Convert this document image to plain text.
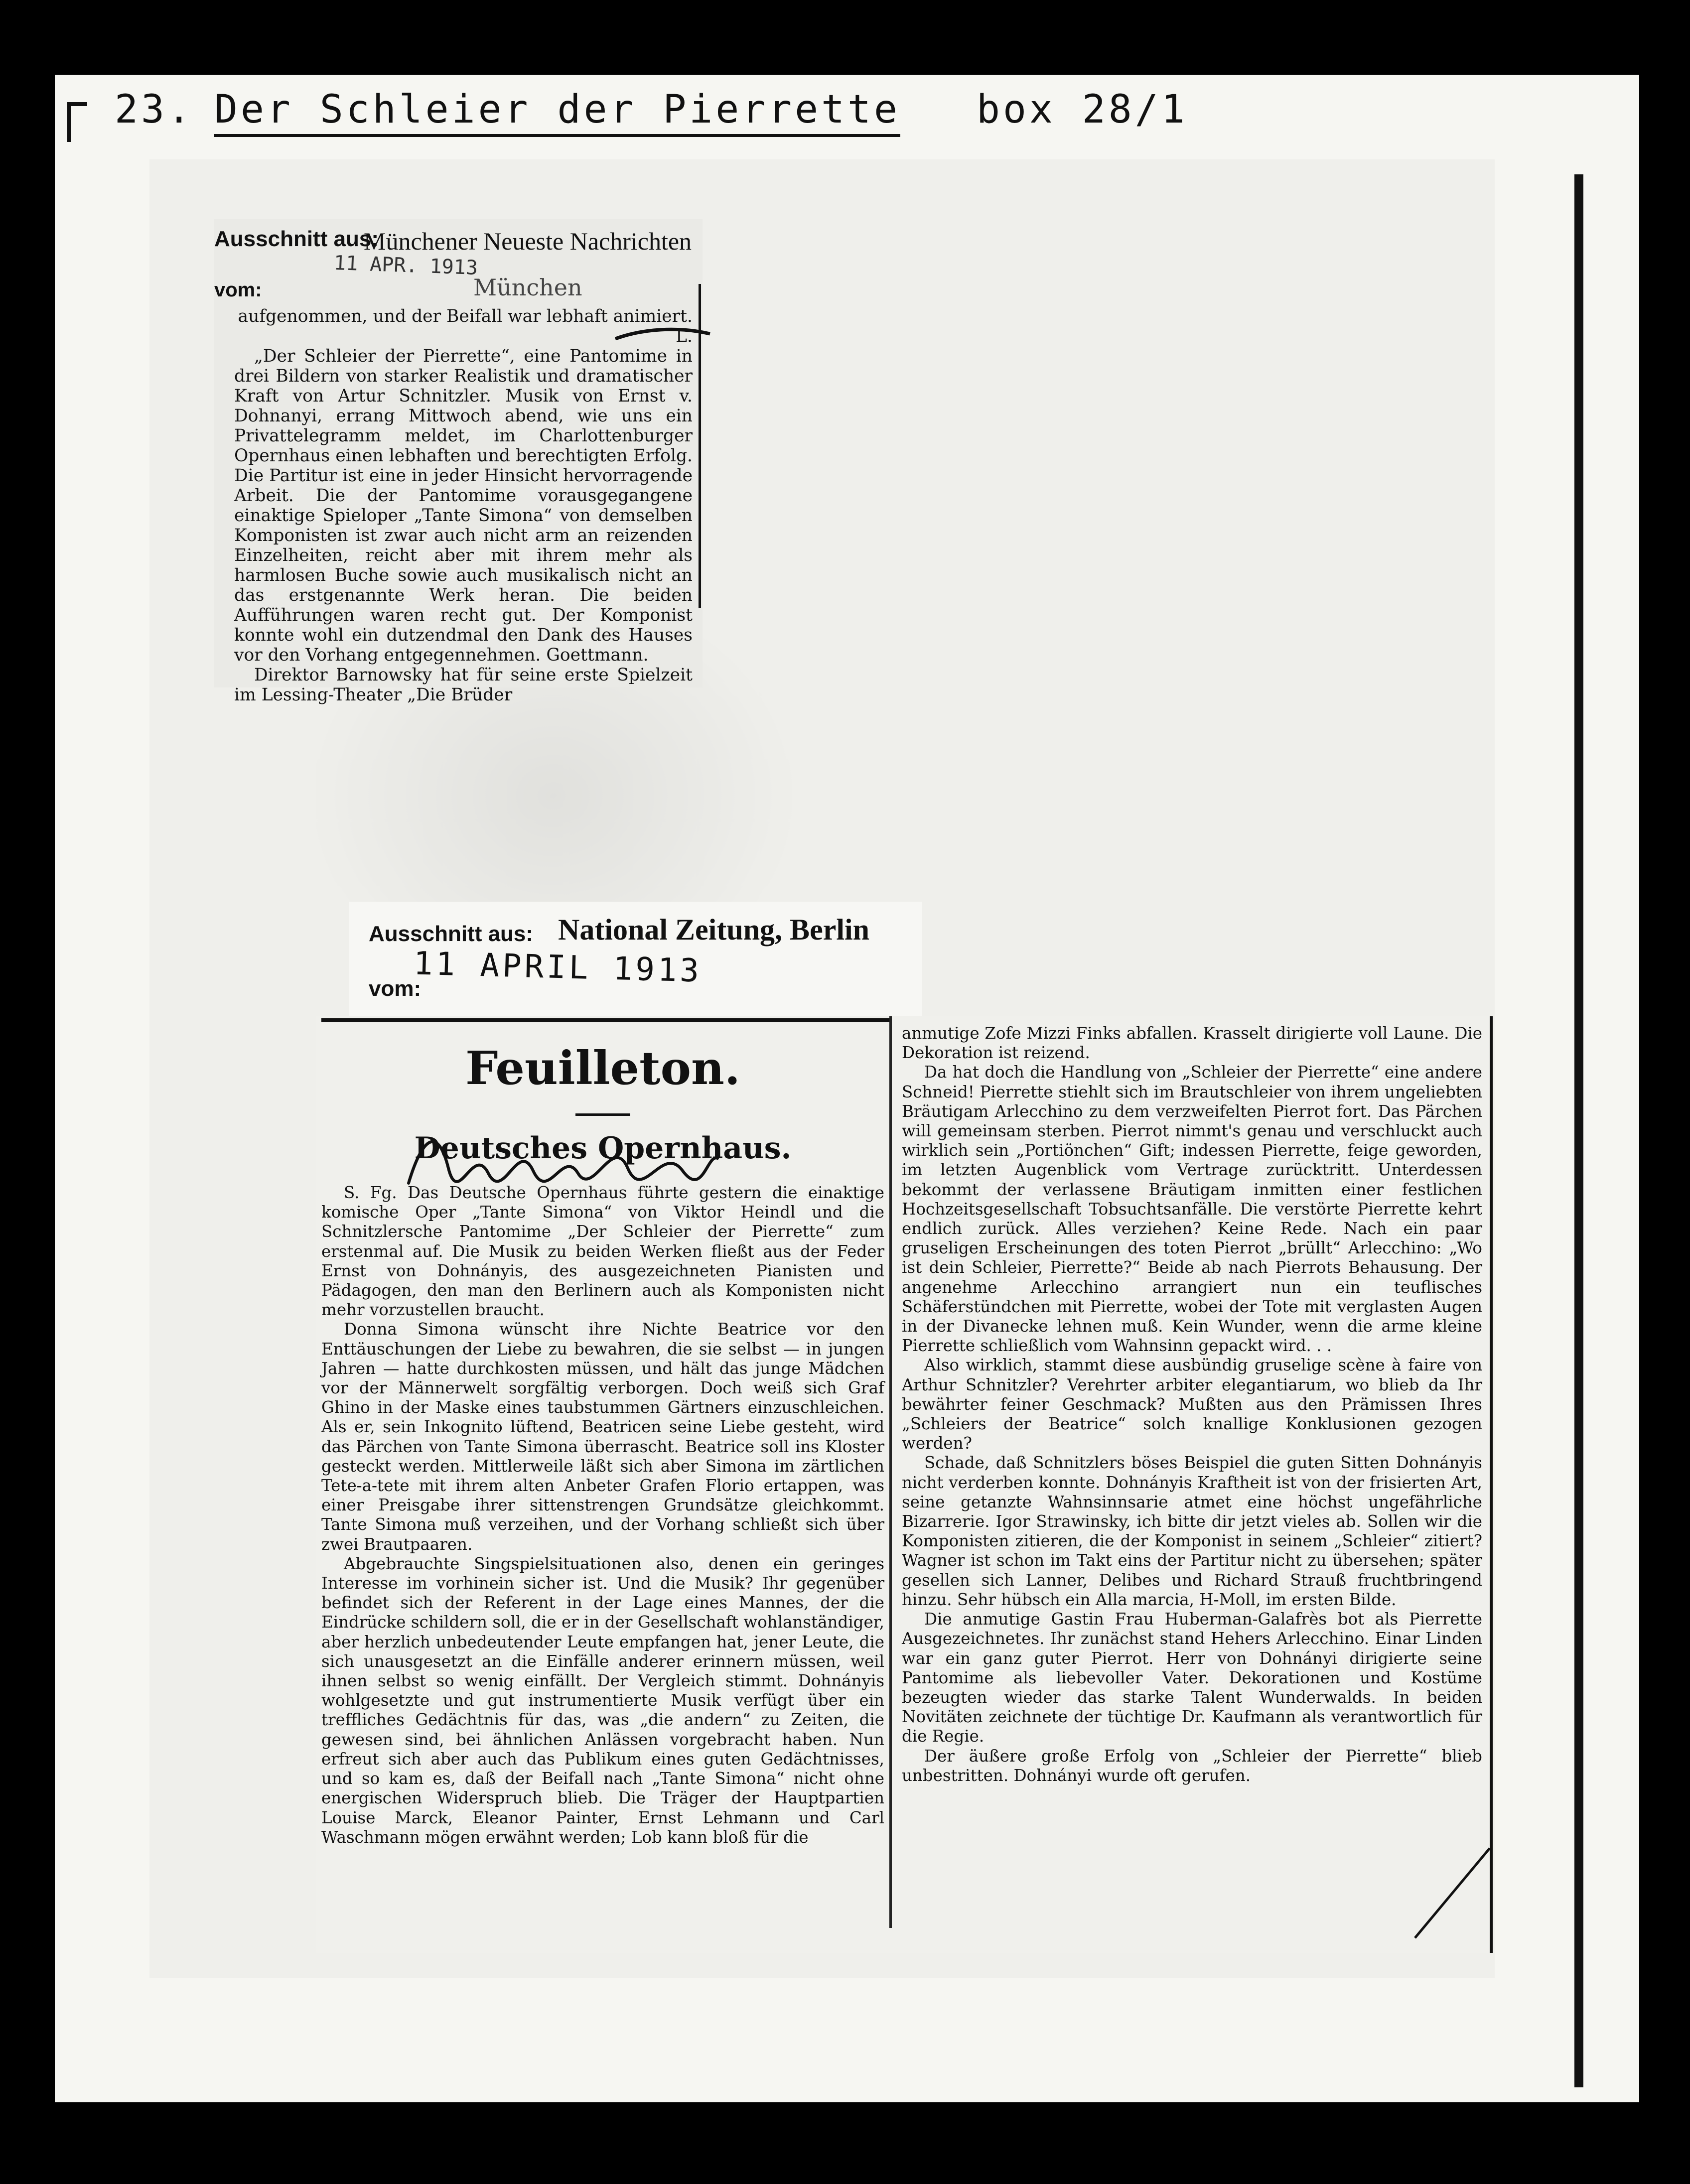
23. Der Schleier der Pierrette box 28/1
Ausschnitt aus:
Münchener Neueste Nachrichten
11 APR. 1913
vom:	München

aufgenommen, und der Beifall war lebhaft animiert. L.

„Der Schleier der Pierrette“, eine Pantomime in drei Bildern von starker Realistik und dramatischer Kraft von Artur Schnitzler. Musik von Ernst v. Dohnanyi, errang Mittwoch abend, wie uns ein Privattelegramm meldet, im Charlottenburger Opernhaus einen lebhaften und berechtigten Erfolg. Die Partitur ist eine in jeder Hinsicht hervorragende Arbeit. Die der Pantomime vorausgegangene einaktige Spieloper „Tante Simona“ von demselben Komponisten ist zwar auch nicht arm an reizenden Einzelheiten, reicht aber mit ihrem mehr als harmlosen Buche sowie auch musikalisch nicht an das erstgenannte Werk heran. Die beiden Aufführungen waren recht gut. Der Komponist konnte wohl ein dutzendmal den Dank des Hauses vor den Vorhang entgegennehmen. Goettmann.

Direktor Barnowsky hat für seine erste Spielzeit im Lessing-Theater „Die Brüder

Ausschnitt aus: National Zeitung, Berlin
11 APRIL 1913
vom:
Feuilleton.
Deutsches Opernhaus.

S. Fg. Das Deutsche Opernhaus führte gestern die einaktige komische Oper „Tante Simona“ von Viktor Heindl und die Schnitzlersche Pantomime „Der Schleier der Pierrette“ zum erstenmal auf. Die Musik zu beiden Werken fließt aus der Feder Ernst von Dohnányis, des ausgezeichneten Pianisten und Pädagogen, den man den Berlinern auch als Komponisten nicht mehr vorzustellen braucht.

Donna Simona wünscht ihre Nichte Beatrice vor den Enttäuschungen der Liebe zu bewahren, die sie selbst — in jungen Jahren — hatte durchkosten müssen, und hält das junge Mädchen vor der Männerwelt sorgfältig verborgen. Doch weiß sich Graf Ghino in der Maske eines taubstummen Gärtners einzuschleichen. Als er, sein Inkognito lüftend, Beatricen seine Liebe gesteht, wird das Pärchen von Tante Simona überrascht. Beatrice soll ins Kloster gesteckt werden. Mittlerweile läßt sich aber Simona im zärtlichen Tete-a-tete mit ihrem alten Anbeter Grafen Florio ertappen, was einer Preisgabe ihrer sittenstrengen Grundsätze gleichkommt. Tante Simona muß verzeihen, und der Vorhang schließt sich über zwei Brautpaaren.

Abgebrauchte Singspielsituationen also, denen ein geringes Interesse im vorhinein sicher ist. Und die Musik? Ihr gegenüber befindet sich der Referent in der Lage eines Mannes, der die Eindrücke schildern soll, die er in der Gesellschaft wohlanständiger, aber herzlich unbedeutender Leute empfangen hat, jener Leute, die sich unausgesetzt an die Einfälle anderer erinnern müssen, weil ihnen selbst so wenig einfällt. Der Vergleich stimmt. Dohnányis wohlgesetzte und gut instrumentierte Musik verfügt über ein treffliches Gedächtnis für das, was „die andern“ zu Zeiten, die gewesen sind, bei ähnlichen Anlässen vorgebracht haben. Nun erfreut sich aber auch das Publikum eines guten Gedächtnisses, und so kam es, daß der Beifall nach „Tante Simona“ nicht ohne energischen Widerspruch blieb. Die Träger der Hauptpartien Louise Marck, Eleanor Painter, Ernst Lehmann und Carl Waschmann mögen erwähnt werden; Lob kann bloß für die

anmutige Zofe Mizzi Finks abfallen. Krasselt dirigierte voll Laune. Die Dekoration ist reizend.

Da hat doch die Handlung von „Schleier der Pierrette“ eine andere Schneid! Pierrette stiehlt sich im Brautschleier von ihrem ungeliebten Bräutigam Arlecchino zu dem verzweifelten Pierrot fort. Das Pärchen will gemeinsam sterben. Pierrot nimmt's genau und verschluckt auch wirklich sein „Portiönchen“ Gift; indessen Pierrette, feige geworden, im letzten Augenblick vom Vertrage zurücktritt. Unterdessen bekommt der verlassene Bräutigam inmitten einer festlichen Hochzeitsgesellschaft Tobsuchtsanfälle. Die verstörte Pierrette kehrt endlich zurück. Alles verziehen? Keine Rede. Nach ein paar gruseligen Erscheinungen des toten Pierrot „brüllt“ Arlecchino: „Wo ist dein Schleier, Pierrette?“ Beide ab nach Pierrots Behausung. Der angenehme Arlecchino arrangiert nun ein teuflisches Schäferstündchen mit Pierrette, wobei der Tote mit verglasten Augen in der Divanecke lehnen muß. Kein Wunder, wenn die arme kleine Pierrette schließlich vom Wahnsinn gepackt wird. . .

Also wirklich, stammt diese ausbündig gruselige scène à faire von Arthur Schnitzler? Verehrter arbiter elegantiarum, wo blieb da Ihr bewährter feiner Geschmack? Mußten aus den Prämissen Ihres „Schleiers der Beatrice“ solch knallige Konklusionen gezogen werden?

Schade, daß Schnitzlers böses Beispiel die guten Sitten Dohnányis nicht verderben konnte. Dohnányis Kraftheit ist von der frisierten Art, seine getanzte Wahnsinnsarie atmet eine höchst ungefährliche Bizarrerie. Igor Strawinsky, ich bitte dir jetzt vieles ab. Sollen wir die Komponisten zitieren, die der Komponist in seinem „Schleier“ zitiert? Wagner ist schon im Takt eins der Partitur nicht zu übersehen; später gesellen sich Lanner, Delibes und Richard Strauß fruchtbringend hinzu. Sehr hübsch ein Alla marcia, H-Moll, im ersten Bilde.

Die anmutige Gastin Frau Huberman-Galafrès bot als Pierrette Ausgezeichnetes. Ihr zunächst stand Hehers Arlecchino. Einar Linden war ein ganz guter Pierrot. Herr von Dohnányi dirigierte seine Pantomime als liebevoller Vater. Dekorationen und Kostüme bezeugten wieder das starke Talent Wunderwalds. In beiden Novitäten zeichnete der tüchtige Dr. Kaufmann als verantwortlich für die Regie.

Der äußere große Erfolg von „Schleier der Pierrette“ blieb unbestritten. Dohnányi wurde oft gerufen.
